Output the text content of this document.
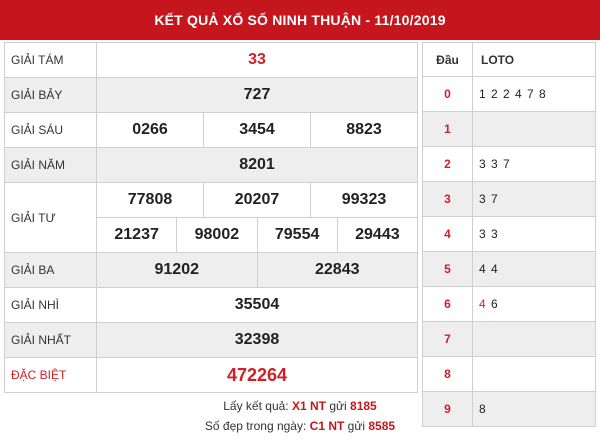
KẾT QUẢ XỔ SỐ NINH THUẬN - 11/10/2019
GIẢI TÁM	33					
GIẢI BẢY	727					
GIẢI SÁU	0266		3454		8823	
GIẢI NĂM	8201					
GIẢI TƯ	77808		20207		99323	
	21237	98002		79554		29443
GIẢI BA	91202			22843		
GIẢI NHÌ	35504					
GIẢI NHẤT	32398					
ĐẶC BIỆT	472264					
Đầu	LOTO
0	1 2 2 4 7 8
1	
2	3 3 7
3	3 7
4	3 3
5	4 4
6	4 6
7	
8	
9	8
Lấy kết quả: X1 NT gửi 8185
Số đẹp trong ngày: C1 NT gửi 8585
